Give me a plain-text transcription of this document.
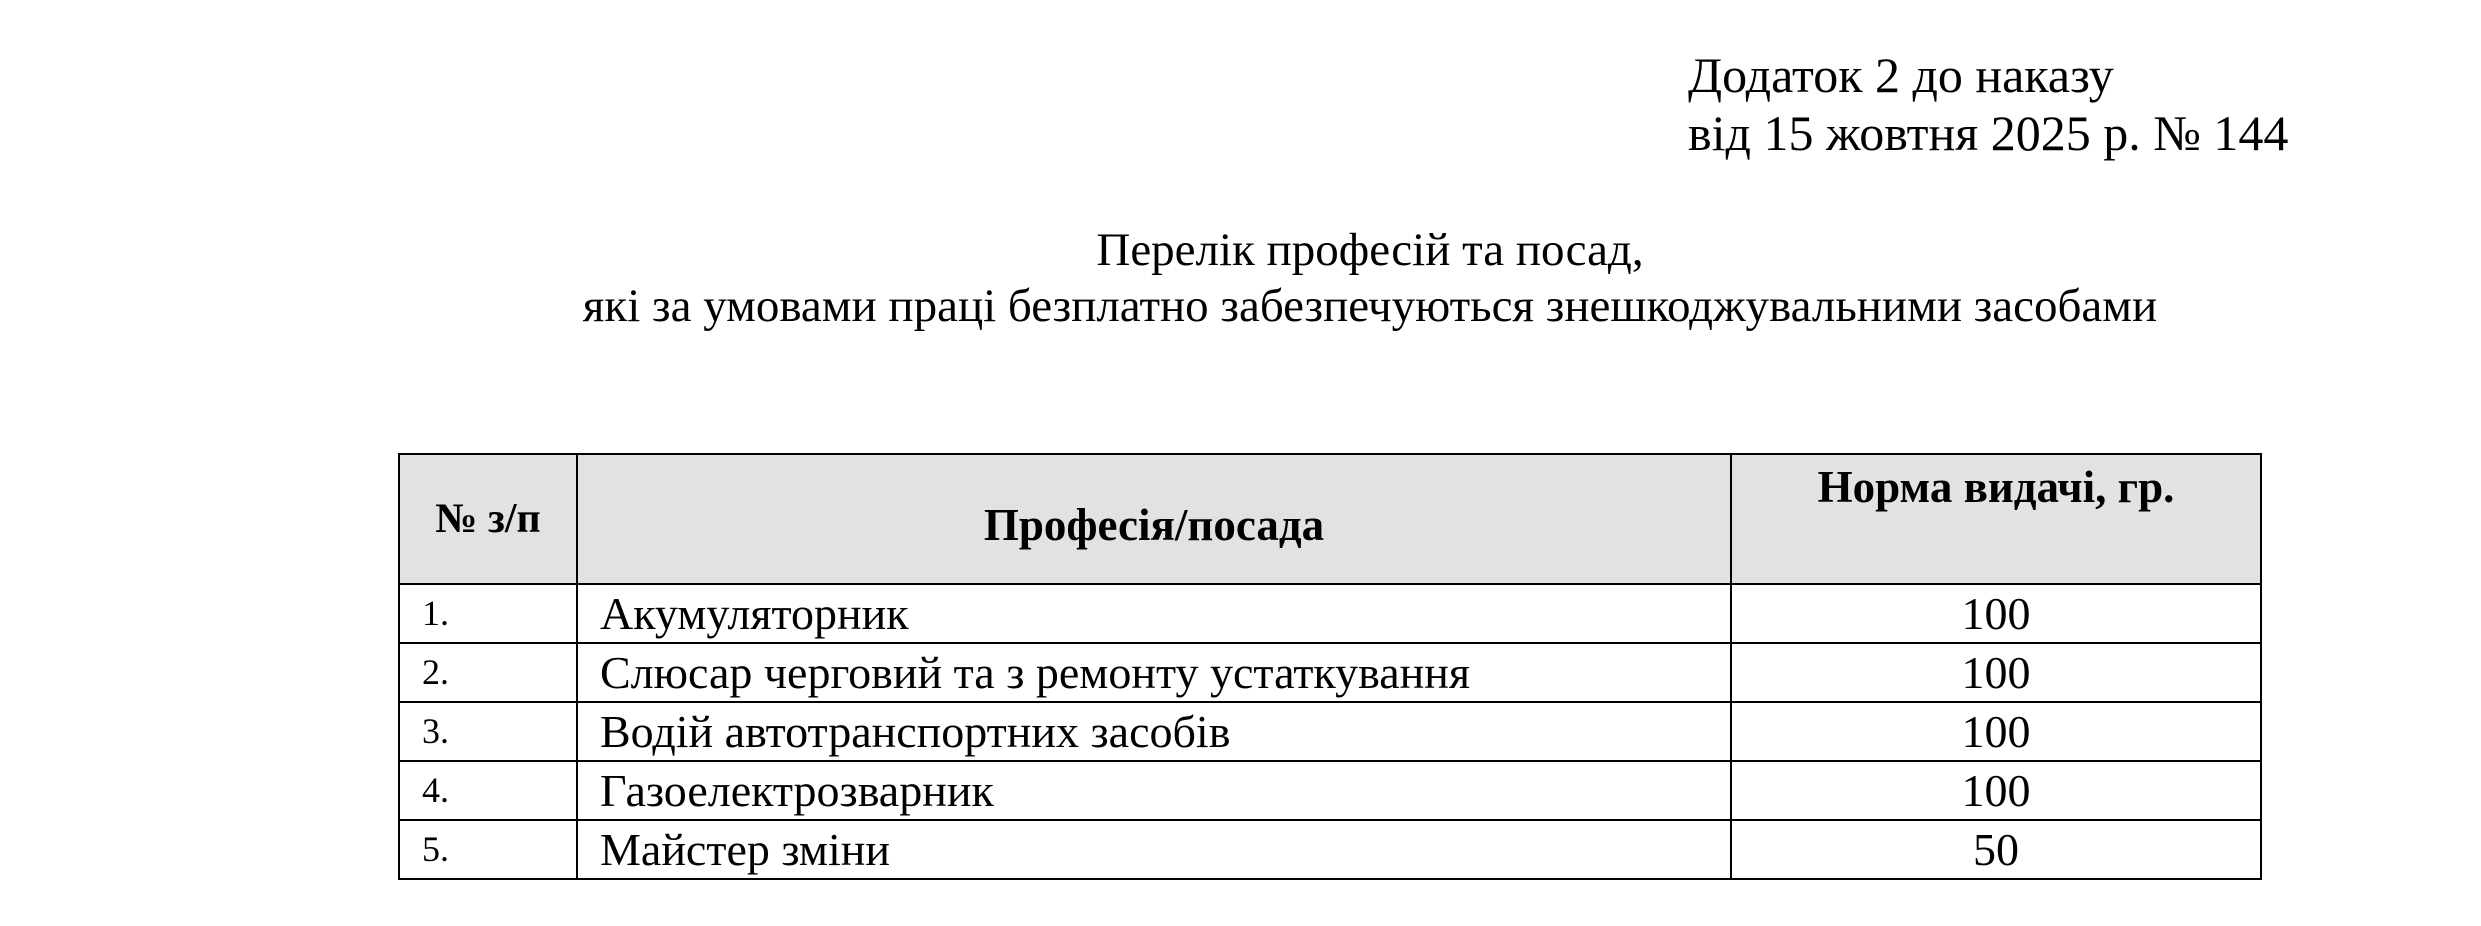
Додаток 2 до наказу
від 15 жовтня 2025 р. № 144
Перелік професій та посад,
які за умовами праці безплатно забезпечуються знешкоджувальними засобами
№ з/п	Професія/посада	Норма видачі, гр.
1.	Акумуляторник	100
2.	Слюсар черговий та з ремонту устаткування	100
3.	Водій автотранспортних засобів	100
4.	Газоелектрозварник	100
5.	Майстер зміни	50
